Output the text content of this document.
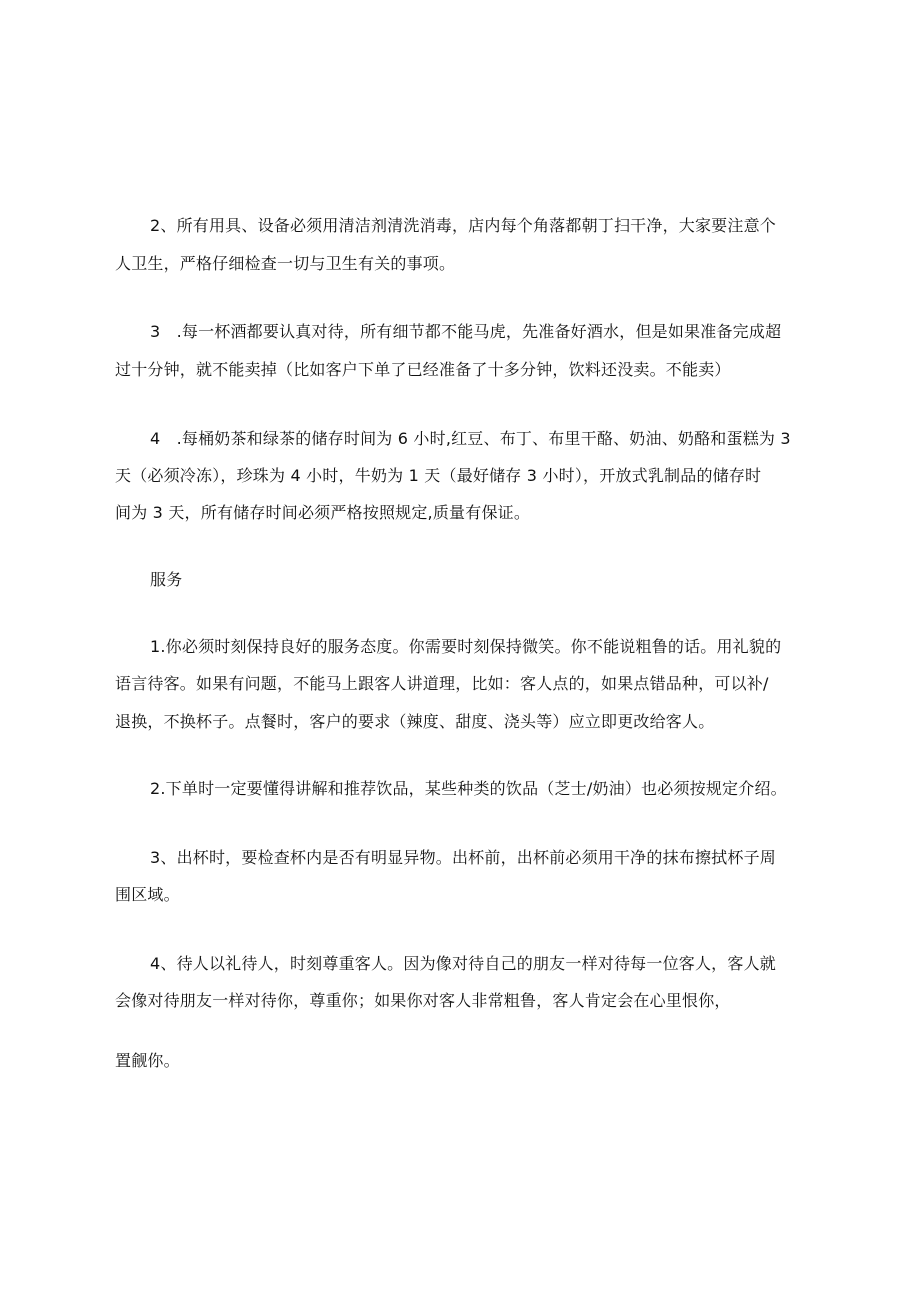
2、所有用具、设备必须用清洁剂清洗消毒，店内每个角落都朝丁扫干净，大家要注意个
人卫生，严格仔细检查一切与卫生有关的事项。
3　.每一杯酒都要认真对待，所有细节都不能马虎，先准备好酒水，但是如果准备完成超
过十分钟，就不能卖掉（比如客户下单了已经准备了十多分钟，饮料还没卖。不能卖）
4　.每桶奶茶和绿茶的储存时间为 6 小时,红豆、布丁、布里干酪、奶油、奶酪和蛋糕为 3
天（必须冷冻），珍珠为 4 小时，牛奶为 1 天（最好储存 3 小时），开放式乳制品的储存时
间为 3 天，所有储存时间必须严格按照规定,质量有保证。
服务
1.你必须时刻保持良好的服务态度。你需要时刻保持微笑。你不能说粗鲁的话。用礼貌的
语言待客。如果有问题，不能马上跟客人讲道理，比如：客人点的，如果点错品种，可以补/
退换，不换杯子。点餐时，客户的要求（辣度、甜度、浇头等）应立即更改给客人。
2.下单时一定要懂得讲解和推荐饮品，某些种类的饮品（芝士/奶油）也必须按规定介绍。
3、出杯时，要检查杯内是否有明显异物。出杯前，出杯前必须用干净的抹布擦拭杯子周
围区域。
4、待人以礼待人，时刻尊重客人。因为像对待自己的朋友一样对待每一位客人，客人就
会像对待朋友一样对待你，尊重你；如果你对客人非常粗鲁，客人肯定会在心里恨你，
置觎你。
